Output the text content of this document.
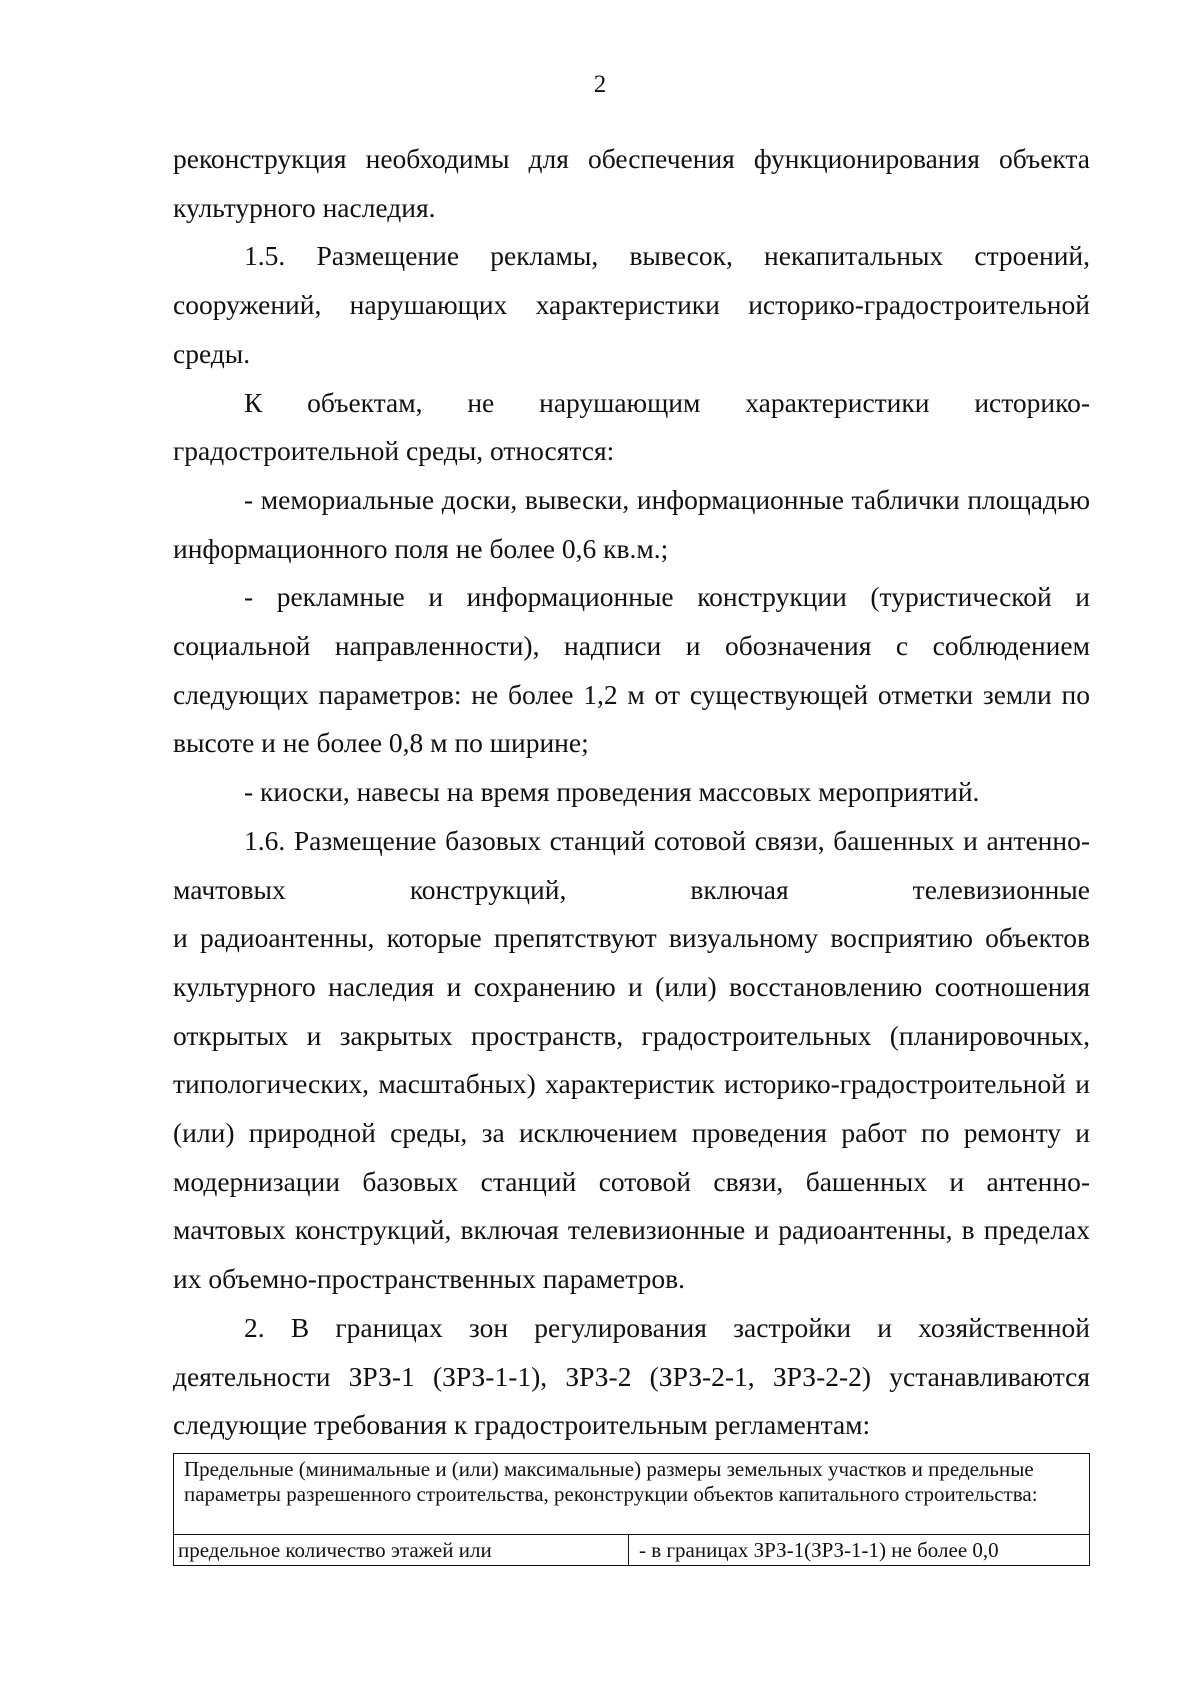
2

реконструкция необходимы для обеспечения функционирования объекта культурного наследия.

1.5. Размещение рекламы, вывесок, некапитальных строений, сооружений, нарушающих характеристики историко-градостроительной среды.

К объектам, не нарушающим характеристики историко-градостроительной среды, относятся:

- мемориальные доски, вывески, информационные таблички площадью информационного поля не более 0,6 кв.м.;

- рекламные и информационные конструкции (туристической и социальной направленности), надписи и обозначения с соблюдением следующих параметров: не более 1,2 м от существующей отметки земли по высоте и не более 0,8 м по ширине;

- киоски, навесы на время проведения массовых мероприятий.

1.6. Размещение базовых станций сотовой связи, башенных и антенно-мачтовых конструкций, включая телевизионные

и радиоантенны, которые препятствуют визуальному восприятию объектов культурного наследия и сохранению и (или) восстановлению соотношения открытых и закрытых пространств, градостроительных (планировочных, типологических, масштабных) характеристик историко-градостроительной и (или) природной среды, за исключением проведения работ по ремонту и модернизации базовых станций сотовой связи, башенных и антенно-мачтовых конструкций, включая телевизионные и радиоантенны, в пределах их объемно-пространственных параметров.

2. В границах зон регулирования застройки и хозяйственной деятельности ЗРЗ-1 (ЗРЗ-1-1), ЗРЗ-2 (ЗРЗ-2-1, ЗРЗ-2-2) устанавливаются следующие требования к градостроительным регламентам:

Предельные (минимальные и (или) максимальные) размеры земельных участков и предельные параметры разрешенного строительства, реконструкции объектов капитального строительства:
предельное количество этажей или	- в границах ЗРЗ-1(ЗРЗ-1-1) не более 0,0
